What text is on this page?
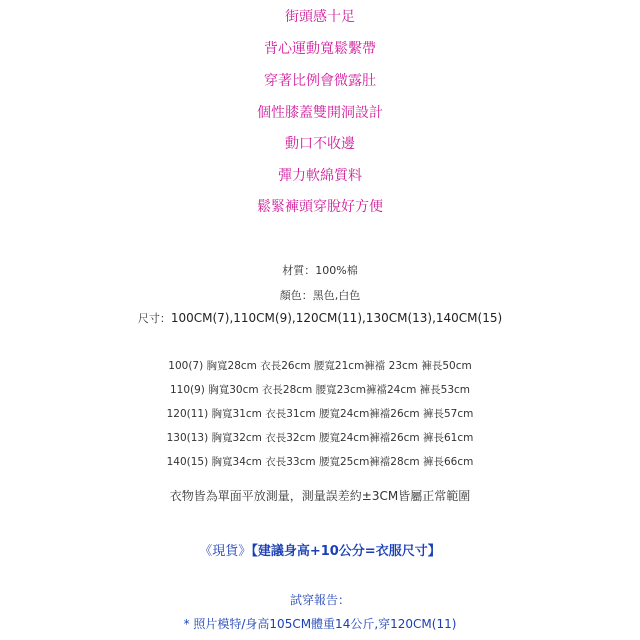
街頭感十足
背心運動寬鬆繫帶
穿著比例會微露肚
個性膝蓋雙開洞設計
動口不收邊
彈力軟綿質料
鬆緊褲頭穿脫好方便
材質：100%棉
顏色：黑色,白色
尺寸：100CM(7),110CM(9),120CM(11),130CM(13),140CM(15)
100(7) 胸寬28cm 衣長26cm 腰寬21cm褲襠 23cm 褲長50cm
110(9) 胸寬30cm 衣長28cm 腰寬23cm褲襠24cm 褲長53cm
120(11) 胸寬31cm 衣長31cm 腰寬24cm褲襠26cm 褲長57cm
130(13) 胸寬32cm 衣長32cm 腰寬24cm褲襠26cm 褲長61cm
140(15) 胸寬34cm 衣長33cm 腰寬25cm褲襠28cm 褲長66cm
衣物皆為單面平放測量，測量誤差約±3CM皆屬正常範圍
《現貨》【建議身高+10公分=衣服尺寸】
試穿報告：
* 照片模特/身高105CM體重14公斤,穿120CM(11)
